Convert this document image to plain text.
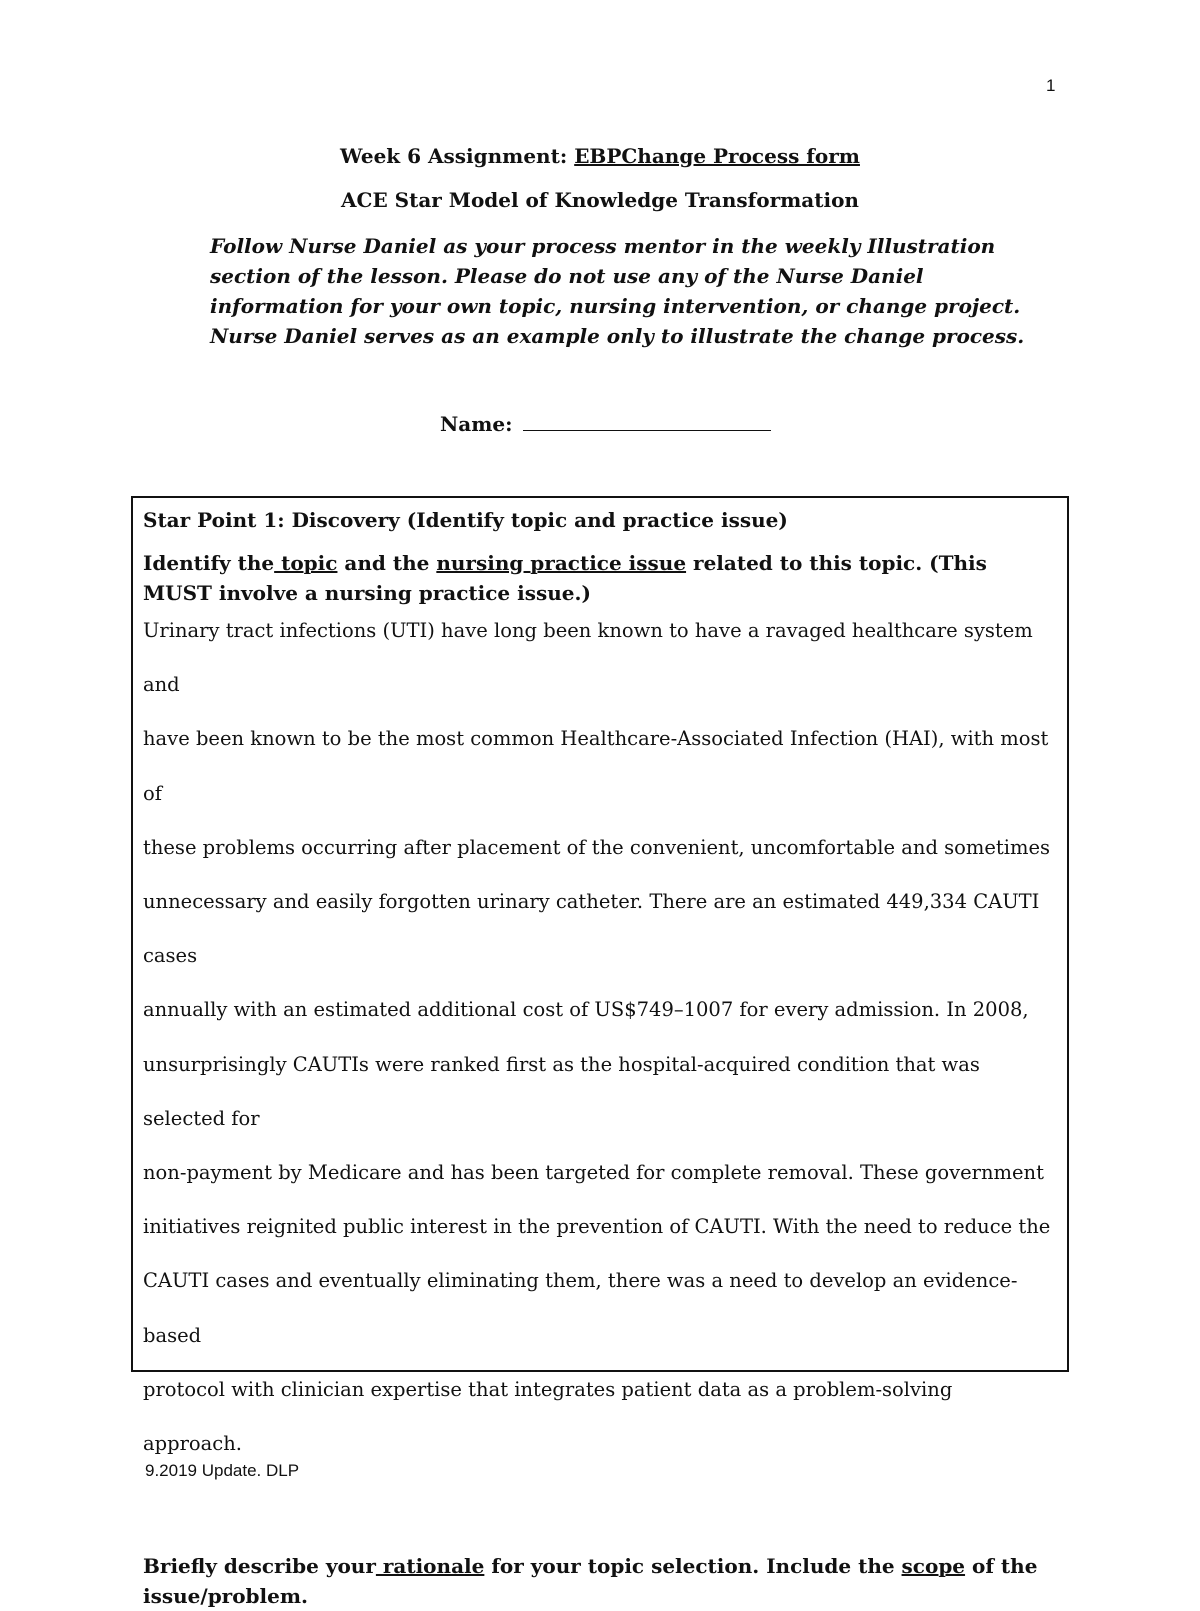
1
Week 6 Assignment: EBPChange Process form
ACE Star Model of Knowledge Transformation
Follow Nurse Daniel as your process mentor in the weekly Illustration section of the lesson. Please do not use any of the Nurse Daniel information for your own topic, nursing intervention, or change project. Nurse Daniel serves as an example only to illustrate the change process.
Name:

Star Point 1: Discovery (Identify topic and practice issue)

Identify the topic and the nursing practice issue related to this topic. (This MUST involve a nursing practice issue.)

Urinary tract infections (UTI) have long been known to have a ravaged healthcare system and
have been known to be the most common Healthcare-Associated Infection (HAI), with most of
these problems occurring after placement of the convenient, uncomfortable and sometimes
unnecessary and easily forgotten urinary catheter. There are an estimated 449,334 CAUTI cases
annually with an estimated additional cost of US$749–1007 for every admission. In 2008,
unsurprisingly CAUTIs were ranked first as the hospital-acquired condition that was selected for
non-payment by Medicare and has been targeted for complete removal. These government
initiatives reignited public interest in the prevention of CAUTI. With the need to reduce the
CAUTI cases and eventually eliminating them, there was a need to develop an evidence-based
protocol with clinician expertise that integrates patient data as a problem-solving approach.

Briefly describe your rationale for your topic selection. Include the scope of the issue/problem.

9.2019 Update. DLP
